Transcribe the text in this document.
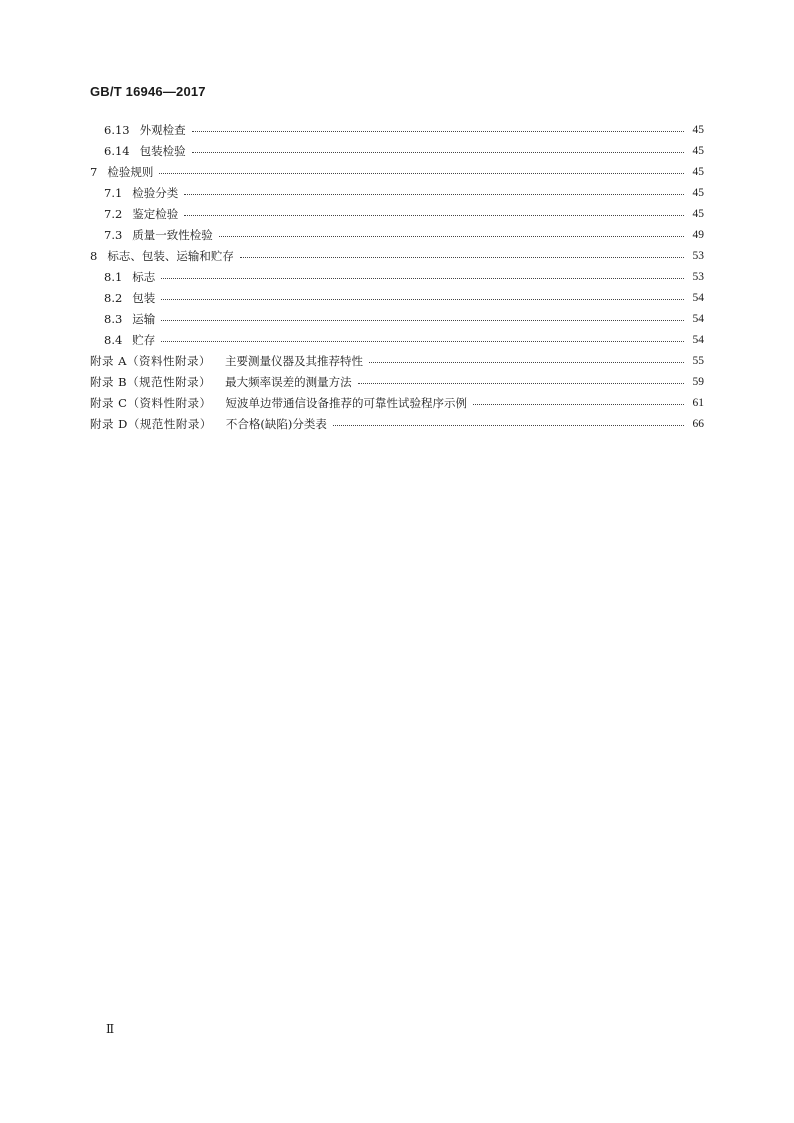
GB/T 16946—2017
6.13 外观检查	45
6.14 包装检验	45
7 检验规则	45
7.1 检验分类	45
7.2 鉴定检验	45
7.3 质量一致性检验	49
8 标志、包装、运输和贮存	53
8.1 标志	53
8.2 包装	54
8.3 运输	54
8.4 贮存	54
附录 A（资料性附录） 主要测量仪器及其推荐特性	55
附录 B（规范性附录） 最大频率误差的测量方法	59
附录 C（资料性附录） 短波单边带通信设备推荐的可靠性试验程序示例	61
附录 D（规范性附录） 不合格(缺陷)分类表	66
Ⅱ
